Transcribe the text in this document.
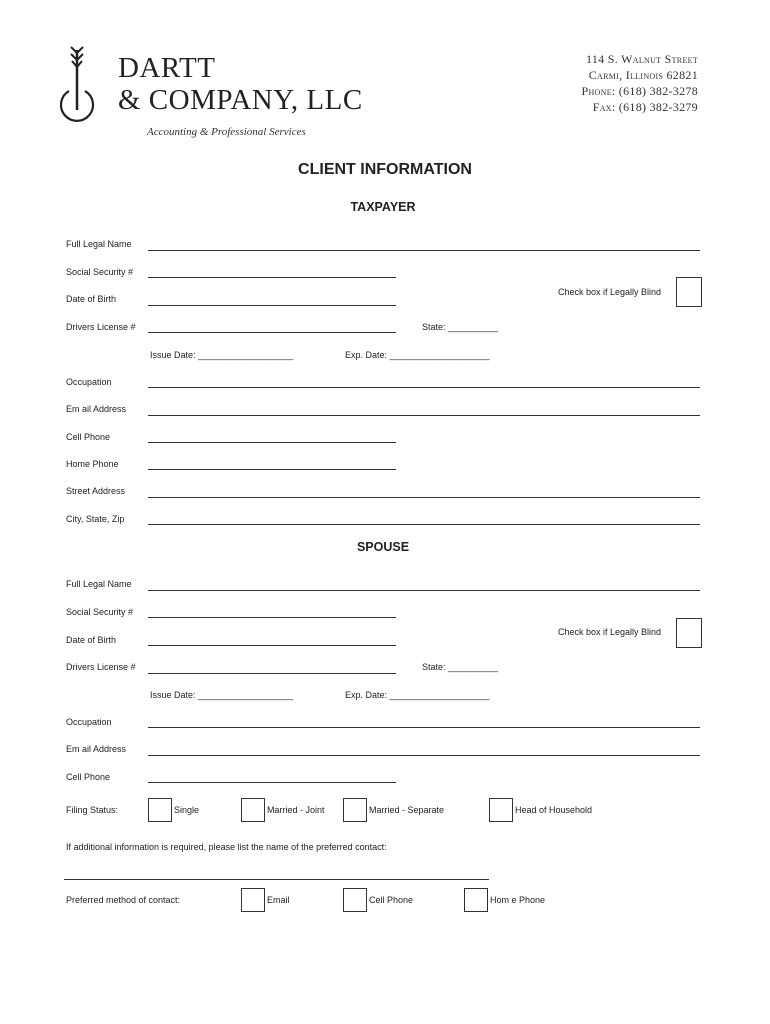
DARTT
& COMPANY, LLC
Accounting & Professional Services
114 S. Walnut Street
Carmi, Illinois 62821
Phone: (618) 382-3278
Fax: (618) 382-3279
CLIENT INFORMATION
TAXPAYER
Full Legal Name
Social Security #
Check box if Legally Blind
Date of Birth
Drivers License #	State: __________
Issue Date: ___________________	Exp. Date: ____________________
Occupation
Em ail Address
Cell Phone
Home Phone
Street Address
City, State, Zip
SPOUSE
Full Legal Name
Social Security #
Check box if Legally Blind
Date of Birth
Drivers License #	State: __________
Issue Date: ___________________	Exp. Date: ____________________
Occupation
Em ail Address
Cell Phone
Filing Status:	Single	Married - Joint	Married - Separate	Head of Household
If additional information is required, please list the name of the preferred contact:
Preferred method of contact:	Email	Cell Phone	Hom e Phone
